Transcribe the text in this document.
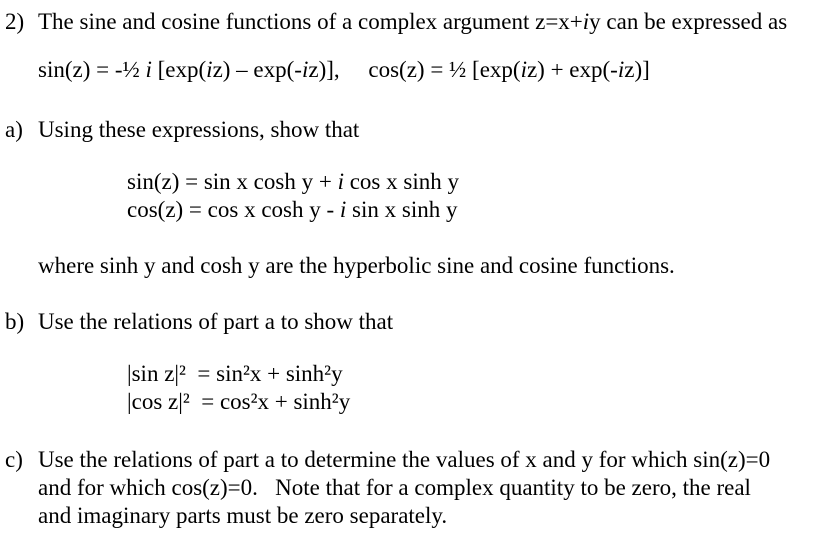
2) The sine and cosine functions of a complex argument z=x+iy can be expressed as
sin(z) = -½ i [exp(iz) – exp(-iz)],     cos(z) = ½ [exp(iz) + exp(-iz)]
a) Using these expressions, show that
sin(z) = sin x cosh y + i cos x sinh y
cos(z) = cos x cosh y - i sin x sinh y
where sinh y and cosh y are the hyperbolic sine and cosine functions.
b) Use the relations of part a to show that
|sin z|²  = sin²x + sinh²y
|cos z|²  = cos²x + sinh²y
c) Use the relations of part a to determine the values of x and y for which sin(z)=0
and for which cos(z)=0.   Note that for a complex quantity to be zero, the real
and imaginary parts must be zero separately.
